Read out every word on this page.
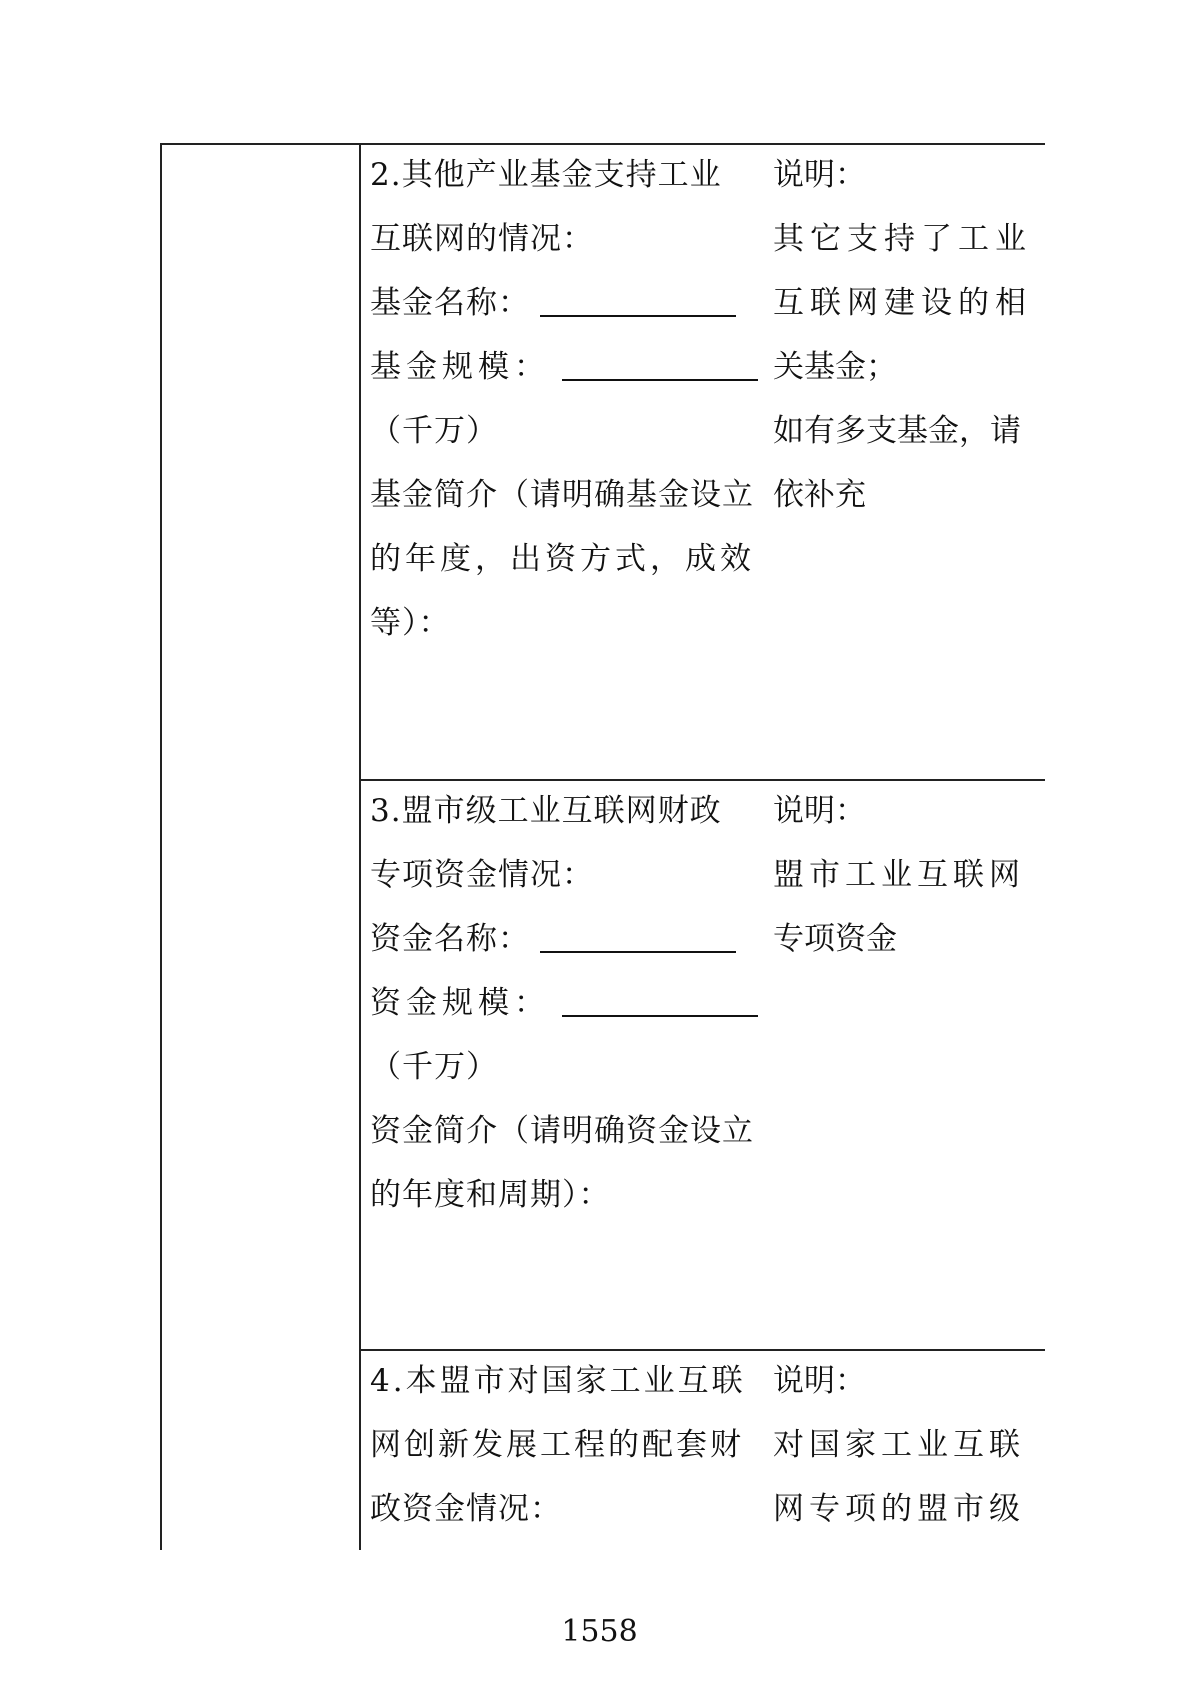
2.其他产业基金支持工业
互联网的情况：
基金名称：
基金规模：
（千万）
基金简介（请明确基金设立
的年度，出资方式，成效
等）：
说明：
其它支持了工业
互联网建设的相
关基金；
如有多支基金，请
依补充
3.盟市级工业互联网财政
专项资金情况：
资金名称：
资金规模：
（千万）
资金简介（请明确资金设立
的年度和周期）：
说明：
盟市工业互联网
专项资金
4.本盟市对国家工业互联
网创新发展工程的配套财
政资金情况：
说明：
对国家工业互联
网专项的盟市级
1558
